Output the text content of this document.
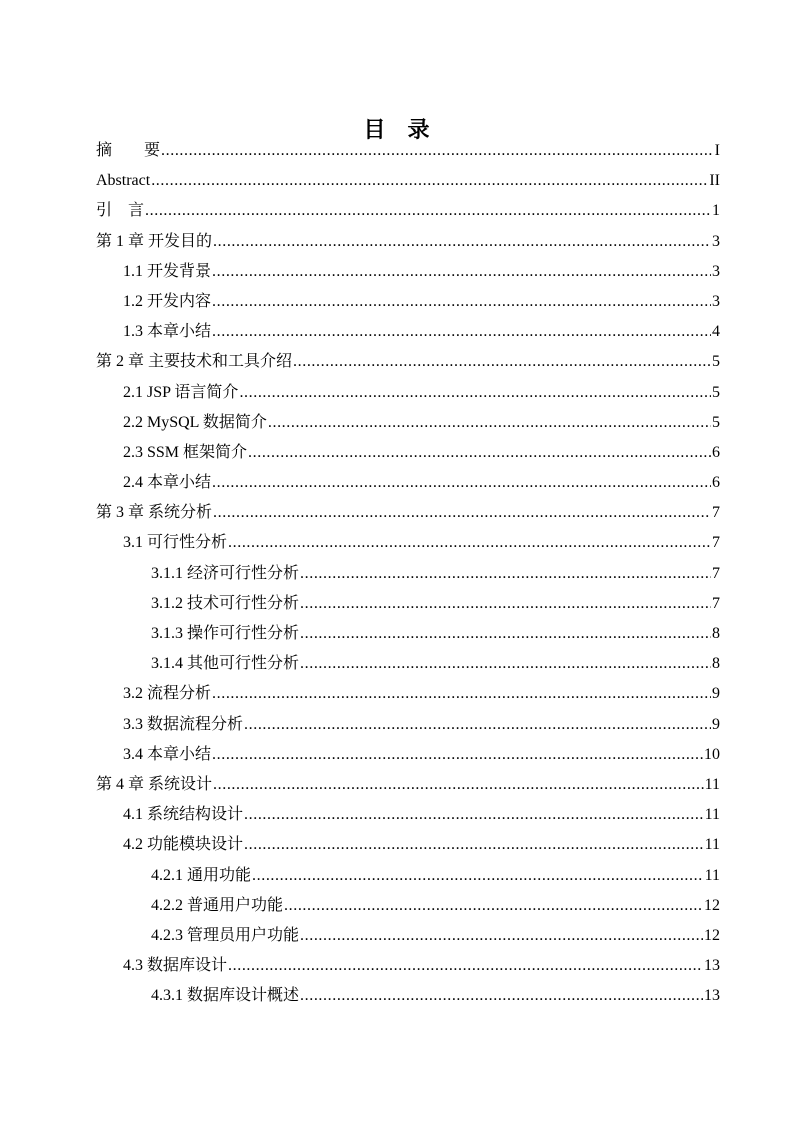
目　录
摘　　要 .....	I
Abstract .....	II
引　言 .....	1
第 1 章 开发目的 .....	3
1.1 开发背景 .....	3
1.2 开发内容 .....	3
1.3 本章小结 .....	4
第 2 章 主要技术和工具介绍 .....	5
2.1 JSP 语言简介 .....	5
2.2 MySQL 数据简介 .....	5
2.3 SSM 框架简介 .....	6
2.4 本章小结 .....	6
第 3 章 系统分析 .....	7
3.1 可行性分析 .....	7
3.1.1 经济可行性分析 .....	7
3.1.2 技术可行性分析 .....	7
3.1.3 操作可行性分析 .....	8
3.1.4 其他可行性分析 .....	8
3.2 流程分析 .....	9
3.3 数据流程分析 .....	9
3.4 本章小结 .....	10
第 4 章 系统设计 .....	11
4.1 系统结构设计 .....	11
4.2 功能模块设计 .....	11
4.2.1 通用功能 .....	11
4.2.2 普通用户功能 .....	12
4.2.3 管理员用户功能 .....	12
4.3 数据库设计 .....	13
4.3.1 数据库设计概述 .....	13
